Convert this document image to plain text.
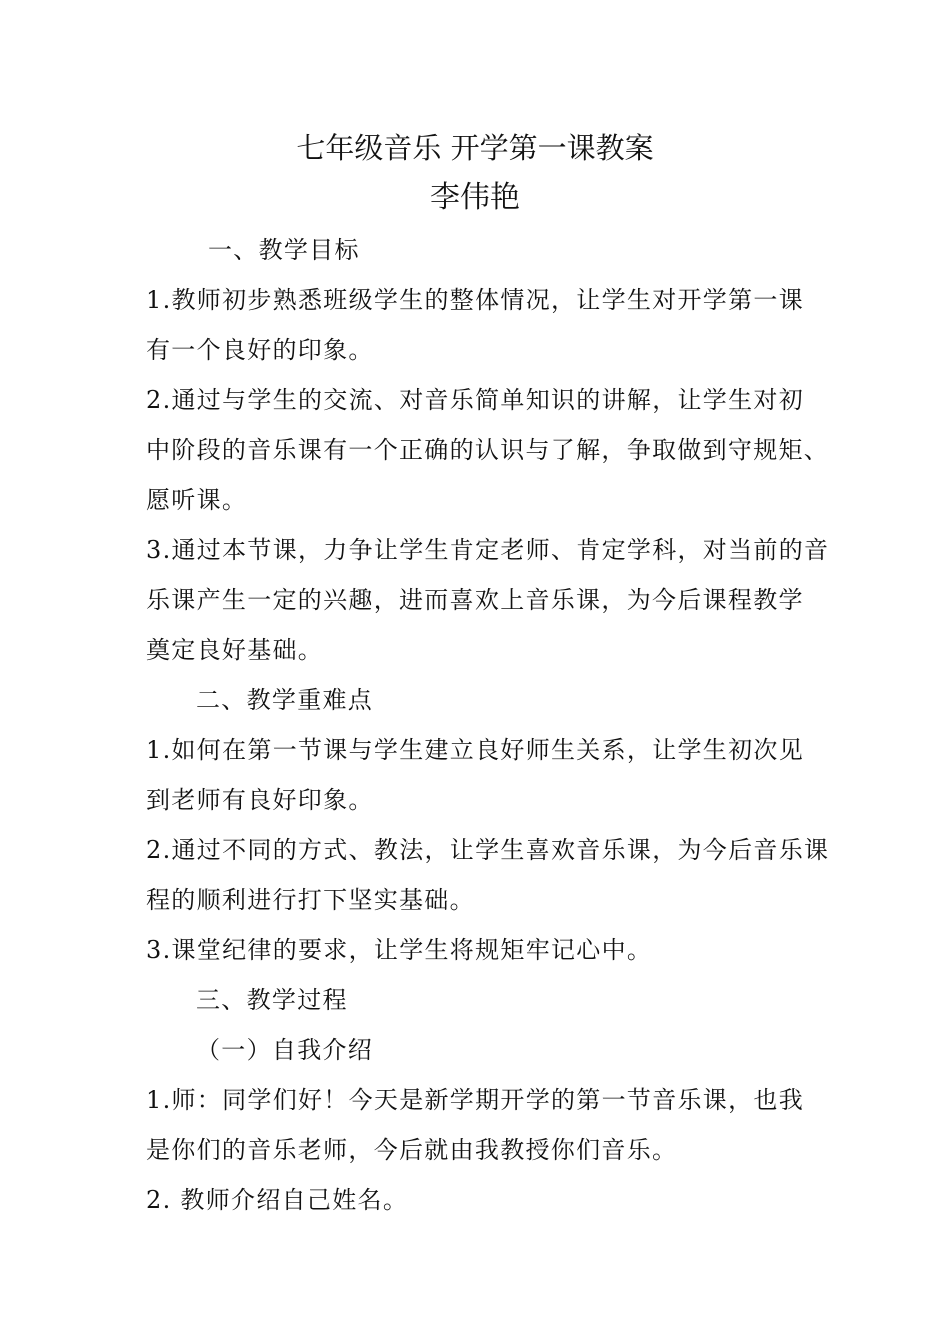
七年级音乐 开学第一课教案
李伟艳
一、教学目标
1.教师初步熟悉班级学生的整体情况，让学生对开学第一课
有一个良好的印象。
2.通过与学生的交流、对音乐简单知识的讲解，让学生对初
中阶段的音乐课有一个正确的认识与了解，争取做到守规矩、
愿听课。
3.通过本节课，力争让学生肯定老师、肯定学科，对当前的音
乐课产生一定的兴趣，进而喜欢上音乐课，为今后课程教学
奠定良好基础。
二、教学重难点
1.如何在第一节课与学生建立良好师生关系，让学生初次见
到老师有良好印象。
2.通过不同的方式、教法，让学生喜欢音乐课，为今后音乐课
程的顺利进行打下坚实基础。
3.课堂纪律的要求，让学生将规矩牢记心中。
三、教学过程
（一）自我介绍
1.师：同学们好！今天是新学期开学的第一节音乐课，也我
是你们的音乐老师，今后就由我教授你们音乐。
2. 教师介绍自己姓名。
